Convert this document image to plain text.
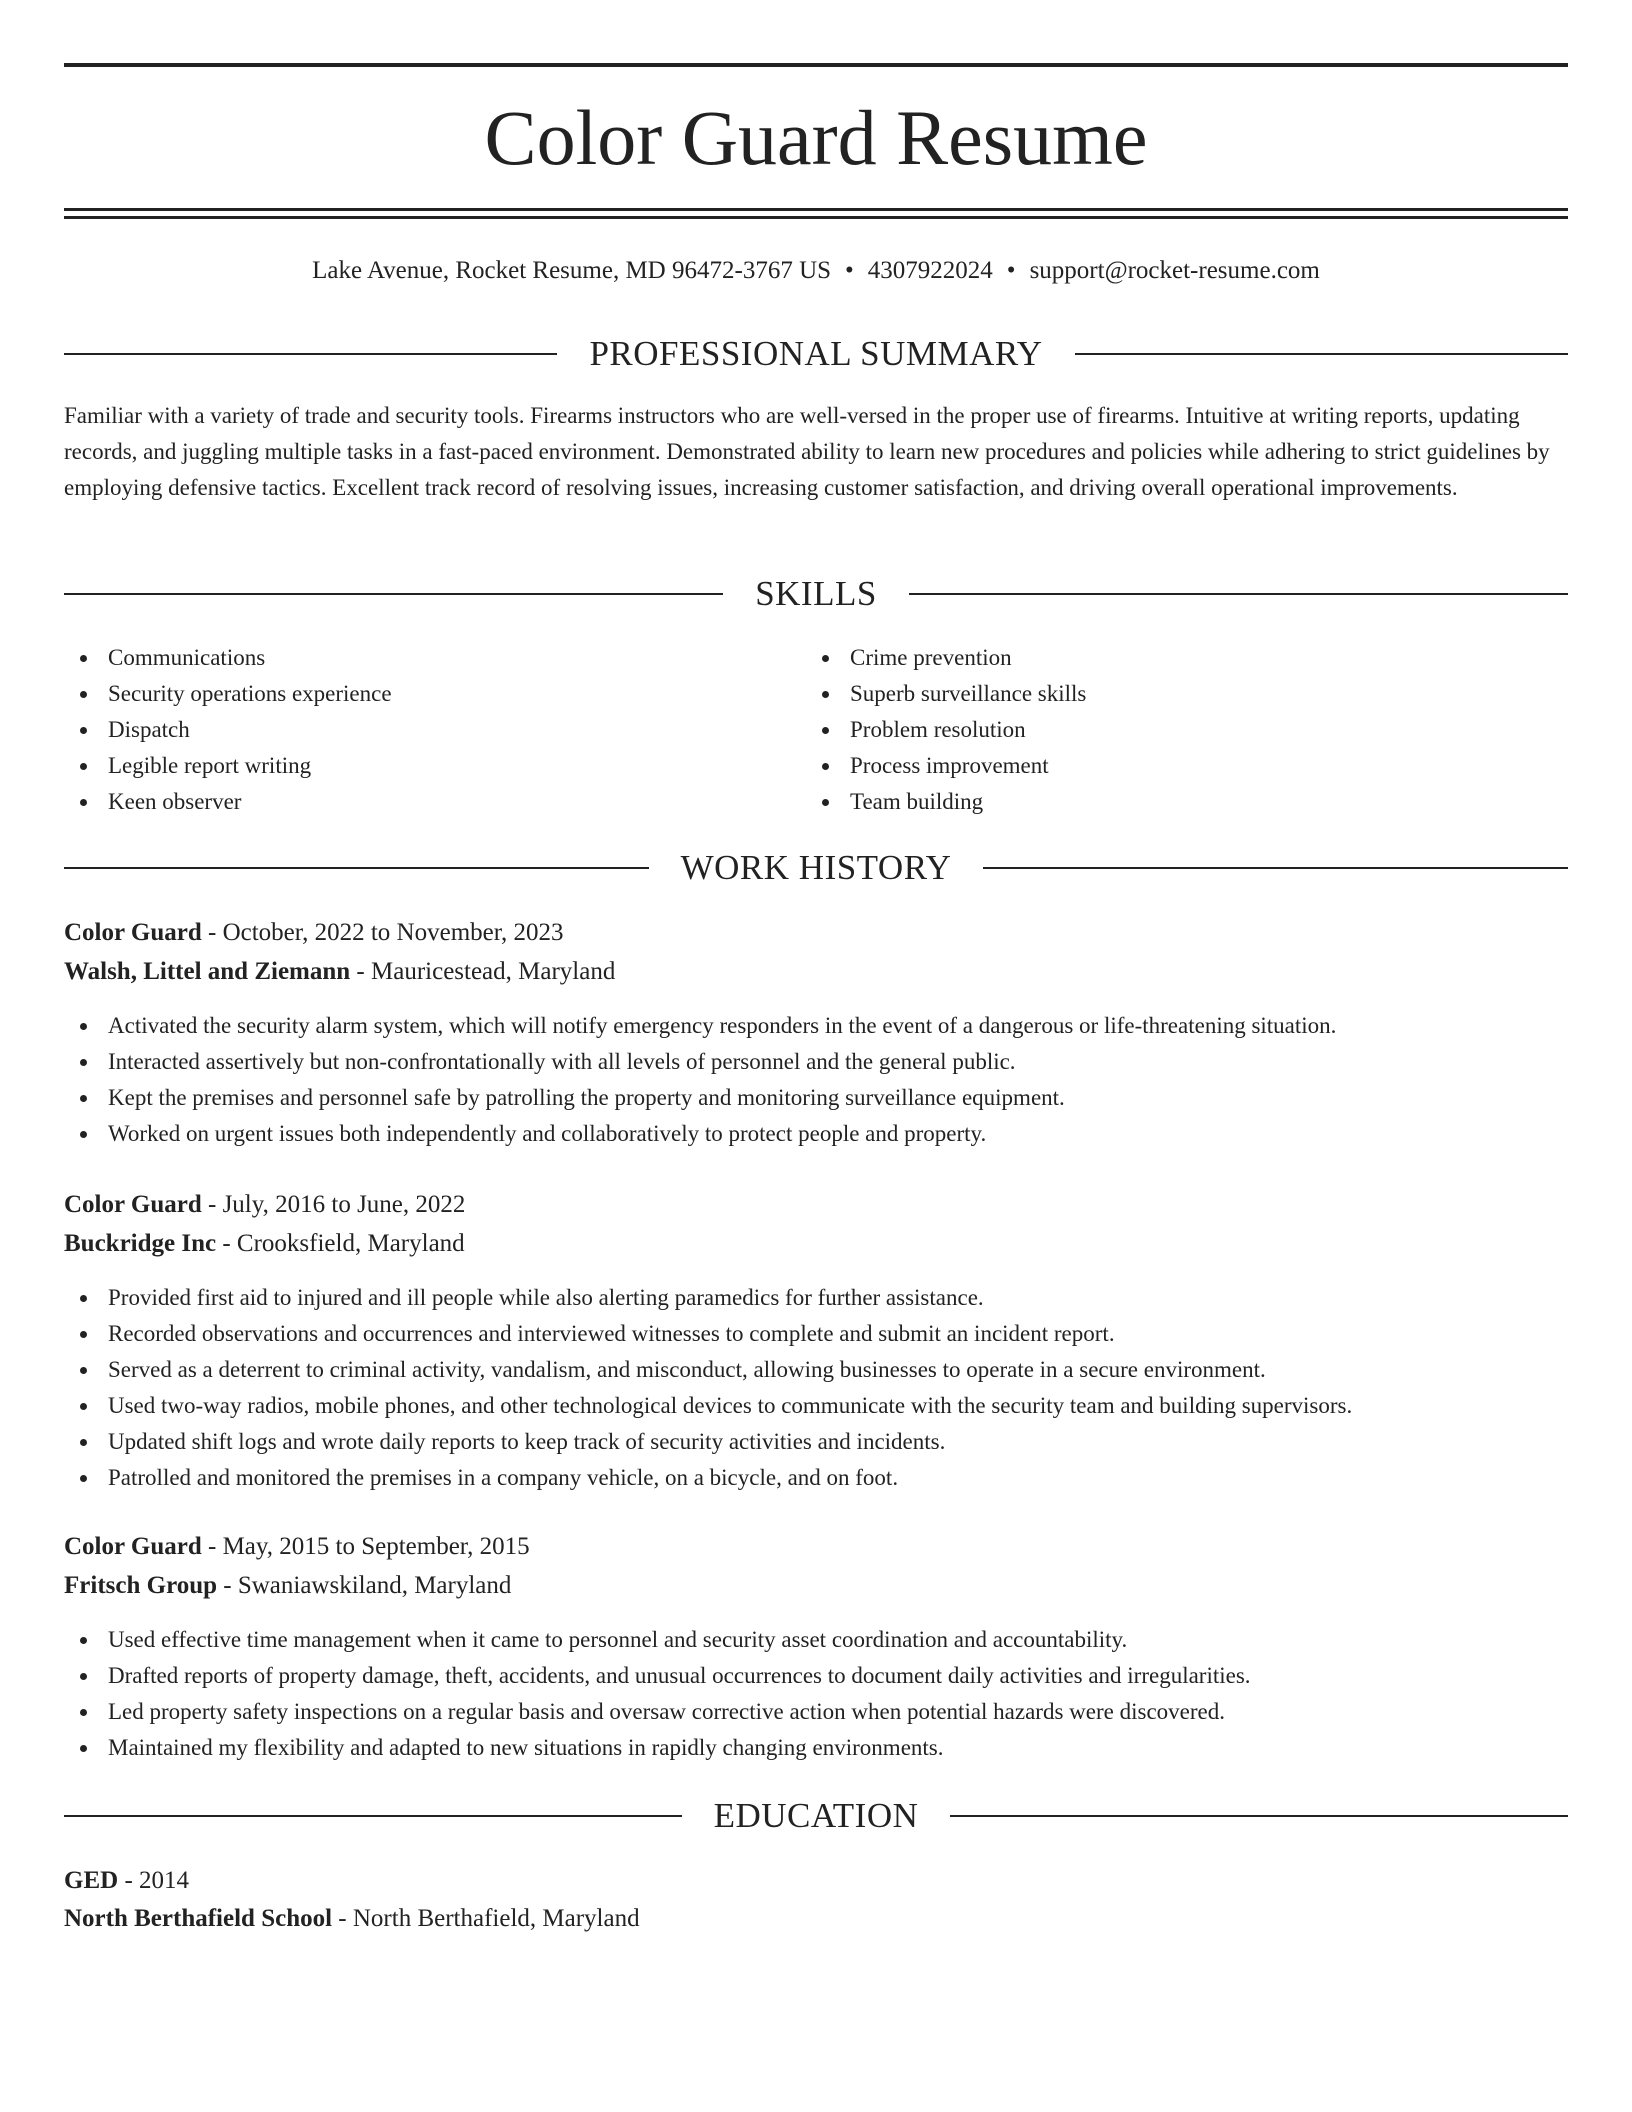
Color Guard Resume
Lake Avenue, Rocket Resume, MD 96472-3767 US • 4307922024 • support@rocket-resume.com
PROFESSIONAL SUMMARY

Familiar with a variety of trade and security tools. Firearms instructors who are well-versed in the proper use of firearms. Intuitive at writing reports, updating records, and juggling multiple tasks in a fast-paced environment. Demonstrated ability to learn new procedures and policies while adhering to strict guidelines by employing defensive tactics. Excellent track record of resolving issues, increasing customer satisfaction, and driving overall operational improvements.

SKILLS
Communications
Security operations experience
Dispatch
Legible report writing
Keen observer
Crime prevention
Superb surveillance skills
Problem resolution
Process improvement
Team building
WORK HISTORY
Color Guard - October, 2022 to November, 2023
Walsh, Littel and Ziemann - Mauricestead, Maryland
Activated the security alarm system, which will notify emergency responders in the event of a dangerous or life-threatening situation.
Interacted assertively but non-confrontationally with all levels of personnel and the general public.
Kept the premises and personnel safe by patrolling the property and monitoring surveillance equipment.
Worked on urgent issues both independently and collaboratively to protect people and property.
Color Guard - July, 2016 to June, 2022
Buckridge Inc - Crooksfield, Maryland
Provided first aid to injured and ill people while also alerting paramedics for further assistance.
Recorded observations and occurrences and interviewed witnesses to complete and submit an incident report.
Served as a deterrent to criminal activity, vandalism, and misconduct, allowing businesses to operate in a secure environment.
Used two-way radios, mobile phones, and other technological devices to communicate with the security team and building supervisors.
Updated shift logs and wrote daily reports to keep track of security activities and incidents.
Patrolled and monitored the premises in a company vehicle, on a bicycle, and on foot.
Color Guard - May, 2015 to September, 2015
Fritsch Group - Swaniawskiland, Maryland
Used effective time management when it came to personnel and security asset coordination and accountability.
Drafted reports of property damage, theft, accidents, and unusual occurrences to document daily activities and irregularities.
Led property safety inspections on a regular basis and oversaw corrective action when potential hazards were discovered.
Maintained my flexibility and adapted to new situations in rapidly changing environments.
EDUCATION
GED - 2014
North Berthafield School - North Berthafield, Maryland
